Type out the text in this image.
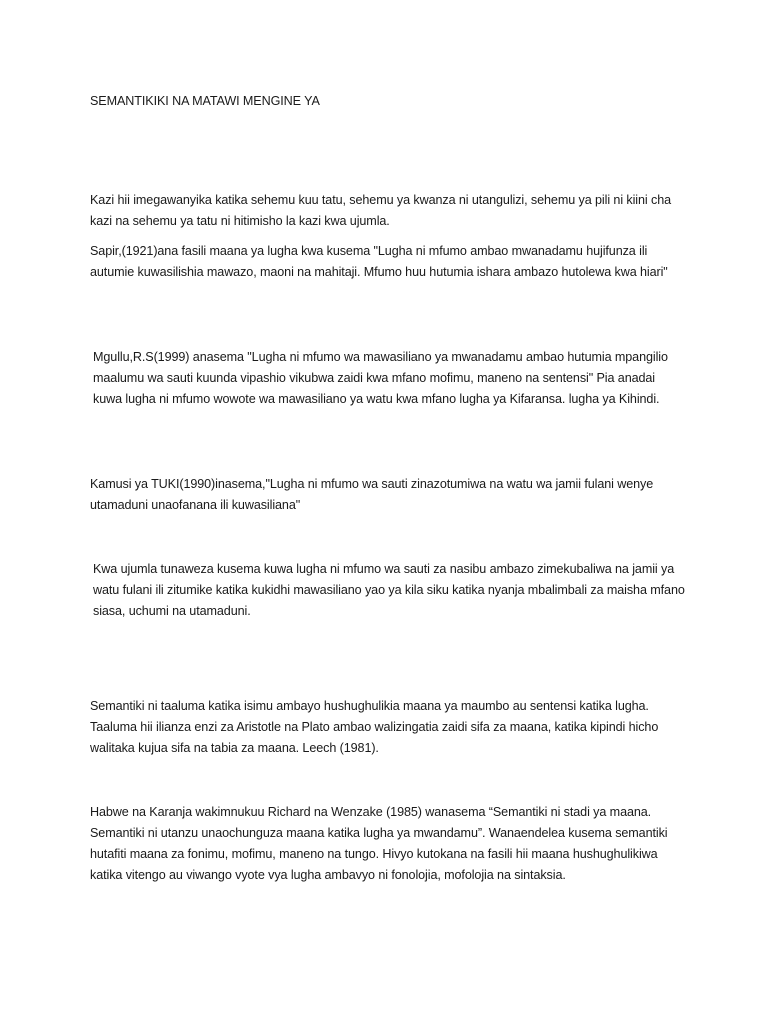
SEMANTIKIKI NA MATAWI MENGINE YA

Kazi hii imegawanyika katika sehemu kuu tatu, sehemu ya kwanza ni utangulizi, sehemu ya pili ni kiini cha kazi na sehemu ya tatu ni hitimisho la kazi kwa ujumla.

Sapir,(1921)ana fasili maana ya lugha kwa kusema "Lugha ni mfumo ambao mwanadamu hujifunza ili autumie kuwasilishia mawazo, maoni na mahitaji. Mfumo huu hutumia ishara ambazo hutolewa kwa hiari"

Mgullu,R.S(1999) anasema "Lugha ni mfumo wa mawasiliano ya mwanadamu ambao hutumia mpangilio maalumu wa sauti kuunda vipashio vikubwa zaidi kwa mfano mofimu, maneno na sentensi" Pia anadai kuwa lugha ni mfumo wowote wa mawasiliano ya watu kwa mfano lugha ya Kifaransa. lugha ya Kihindi.

Kamusi ya TUKI(1990)inasema,"Lugha ni mfumo wa sauti zinazotumiwa na watu wa jamii fulani wenye utamaduni unaofanana ili kuwasiliana"

Kwa ujumla tunaweza kusema kuwa lugha ni mfumo wa sauti za nasibu ambazo zimekubaliwa na jamii ya watu fulani ili zitumike katika kukidhi mawasiliano yao ya kila siku katika nyanja mbalimbali za maisha mfano siasa, uchumi na utamaduni.

Semantiki ni taaluma katika isimu ambayo hushughulikia maana ya maumbo au sentensi katika lugha. Taaluma hii ilianza enzi za Aristotle na Plato ambao walizingatia zaidi sifa za maana, katika kipindi hicho walitaka kujua sifa na tabia za maana. Leech (1981).

Habwe na Karanja wakimnukuu Richard na Wenzake (1985) wanasema “Semantiki ni stadi ya maana. Semantiki ni utanzu unaochunguza maana katika lugha ya mwandamu”. Wanaendelea kusema semantiki hutafiti maana za fonimu, mofimu, maneno na tungo. Hivyo kutokana na fasili hii maana hushughulikiwa katika vitengo au viwango vyote vya lugha ambavyo ni fonolojia, mofolojia na sintaksia.
